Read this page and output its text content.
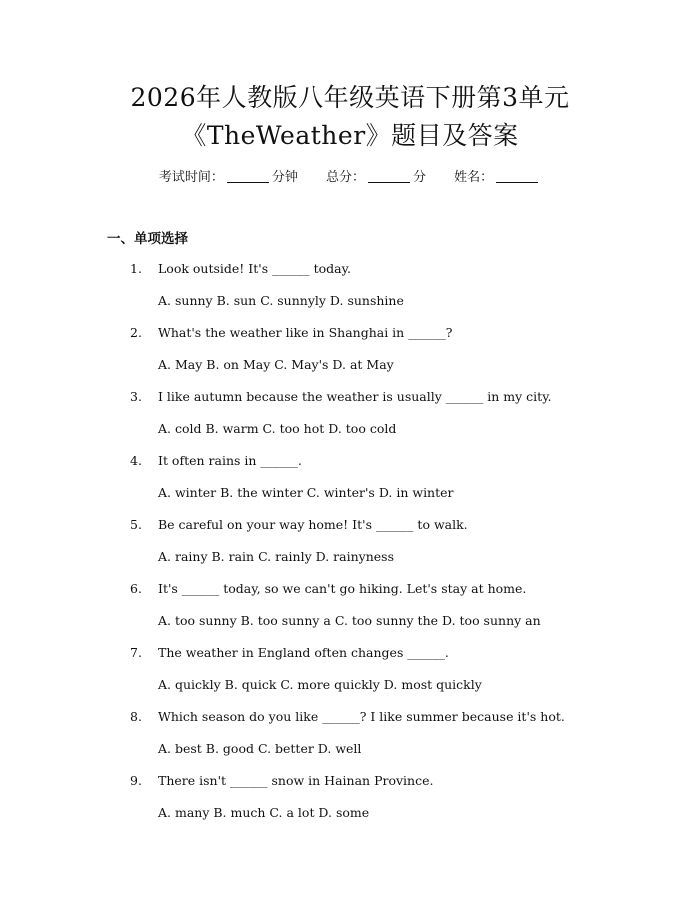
2026年人教版八年级英语下册第3单元
《TheWeather》题目及答案
考试时间：	分钟 总分：	分 姓名：
一、单项选择
1. Look outside! It's ______ today.
A. sunny B. sun C. sunnyly D. sunshine
2. What's the weather like in Shanghai in ______?
A. May B. on May C. May's D. at May
3. I like autumn because the weather is usually ______ in my city.
A. cold B. warm C. too hot D. too cold
4. It often rains in ______.
A. winter B. the winter C. winter's D. in winter
5. Be careful on your way home! It's ______ to walk.
A. rainy B. rain C. rainly D. rainyness
6. It's ______ today, so we can't go hiking. Let's stay at home.
A. too sunny B. too sunny a C. too sunny the D. too sunny an
7. The weather in England often changes ______.
A. quickly B. quick C. more quickly D. most quickly
8. Which season do you like ______? I like summer because it's hot.
A. best B. good C. better D. well
9. There isn't ______ snow in Hainan Province.
A. many B. much C. a lot D. some
